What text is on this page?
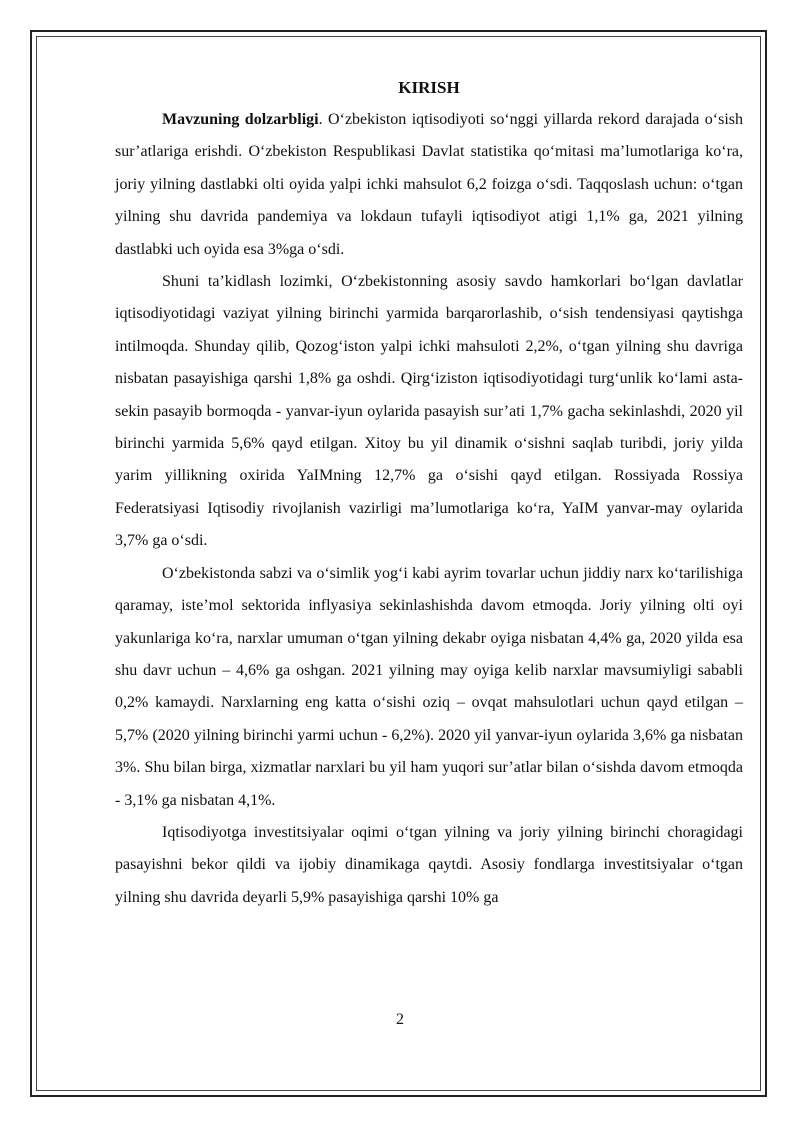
KIRISH

Mavzuning dolzarbligi. O‘zbekiston iqtisodiyoti so‘nggi yillarda rekord darajada o‘sish sur’atlariga erishdi. O‘zbekiston Respublikasi Davlat statistika qo‘mitasi ma’lumotlariga ko‘ra, joriy yilning dastlabki olti oyida yalpi ichki mahsulot 6,2 foizga o‘sdi. Taqqoslash uchun: o‘tgan yilning shu davrida pandemiya va lokdaun tufayli iqtisodiyot atigi 1,1% ga, 2021 yilning dastlabki uch oyida esa 3%ga o‘sdi.

Shuni ta’kidlash lozimki, O‘zbekistonning asosiy savdo hamkorlari bo‘lgan davlatlar iqtisodiyotidagi vaziyat yilning birinchi yarmida barqarorlashib, o‘sish tendensiyasi qaytishga intilmoqda. Shunday qilib, Qozog‘iston yalpi ichki mahsuloti 2,2%, o‘tgan yilning shu davriga nisbatan pasayishiga qarshi 1,8% ga oshdi. Qirg‘iziston iqtisodiyotidagi turg‘unlik ko‘lami asta-sekin pasayib bormoqda - yanvar-iyun oylarida pasayish sur’ati 1,7% gacha sekinlashdi, 2020 yil birinchi yarmida 5,6% qayd etilgan. Xitoy bu yil dinamik o‘sishni saqlab turibdi, joriy yilda yarim yillikning oxirida YaIMning 12,7% ga o‘sishi qayd etilgan. Rossiyada Rossiya Federatsiyasi Iqtisodiy rivojlanish vazirligi ma’lumotlariga ko‘ra, YaIM yanvar-may oylarida 3,7% ga o‘sdi.

O‘zbekistonda sabzi va o‘simlik yog‘i kabi ayrim tovarlar uchun jiddiy narx ko‘tarilishiga qaramay, iste’mol sektorida inflyasiya sekinlashishda davom etmoqda. Joriy yilning olti oyi yakunlariga ko‘ra, narxlar umuman o‘tgan yilning dekabr oyiga nisbatan 4,4% ga, 2020 yilda esa shu davr uchun – 4,6% ga oshgan. 2021 yilning may oyiga kelib narxlar mavsumiyligi sababli 0,2% kamaydi. Narxlarning eng katta o‘sishi oziq – ovqat mahsulotlari uchun qayd etilgan – 5,7% (2020 yilning birinchi yarmi uchun - 6,2%). 2020 yil yanvar-iyun oylarida 3,6% ga nisbatan 3%. Shu bilan birga, xizmatlar narxlari bu yil ham yuqori sur’atlar bilan o‘sishda davom etmoqda - 3,1% ga nisbatan 4,1%.

Iqtisodiyotga investitsiyalar oqimi o‘tgan yilning va joriy yilning birinchi choragidagi pasayishni bekor qildi va ijobiy dinamikaga qaytdi. Asosiy fondlarga investitsiyalar o‘tgan yilning shu davrida deyarli 5,9% pasayishiga qarshi 10% ga

2
